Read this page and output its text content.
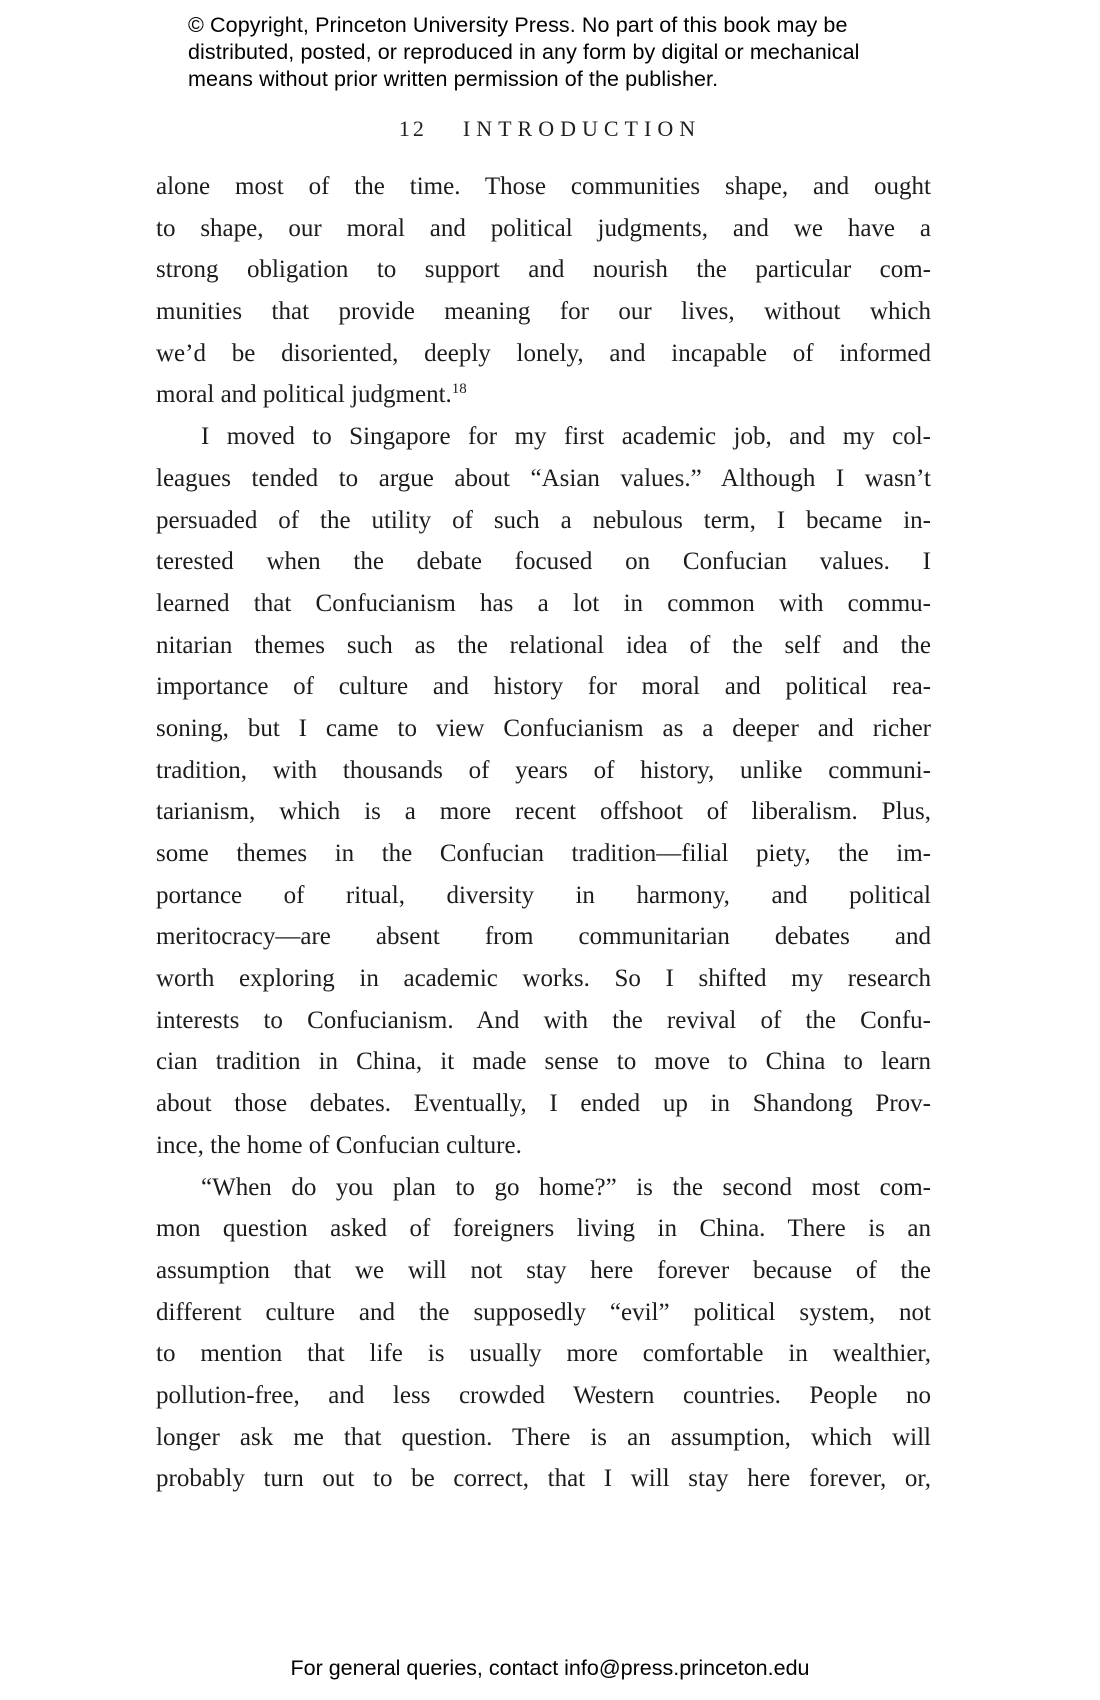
© Copyright, Princeton University Press. No part of this book may be
distributed, posted, or reproduced in any form by digital or mechanical
means without prior written permission of the publisher.
12 INTRODUCTION
alone most of the time. Those communities shape, and ought
to shape, our moral and political judgments, and we have a
strong obligation to support and nourish the particular com-
munities that provide meaning for our lives, without which
we’d be disoriented, deeply lonely, and incapable of informed
moral and political judgment.$^{18}$
I moved to Singapore for my first academic job, and my col-
leagues tended to argue about “Asian values.” Although I wasn’t
persuaded of the utility of such a nebulous term, I became in-
terested when the debate focused on Confucian values. I
learned that Confucianism has a lot in common with commu-
nitarian themes such as the relational idea of the self and the
importance of culture and history for moral and political rea-
soning, but I came to view Confucianism as a deeper and richer
tradition, with thousands of years of history, unlike communi-
tarianism, which is a more recent offshoot of liberalism. Plus,
some themes in the Confucian tradition—filial piety, the im-
portance of ritual, diversity in harmony, and political
meritocracy—are absent from communitarian debates and
worth exploring in academic works. So I shifted my research
interests to Confucianism. And with the revival of the Confu-
cian tradition in China, it made sense to move to China to learn
about those debates. Eventually, I ended up in Shandong Prov-
ince, the home of Confucian culture.
“When do you plan to go home?” is the second most com-
mon question asked of foreigners living in China. There is an
assumption that we will not stay here forever because of the
different culture and the supposedly “evil” political system, not
to mention that life is usually more comfortable in wealthier,
pollution-free, and less crowded Western countries. People no
longer ask me that question. There is an assumption, which will
probably turn out to be correct, that I will stay here forever, or,
For general queries, contact info@press.princeton.edu
